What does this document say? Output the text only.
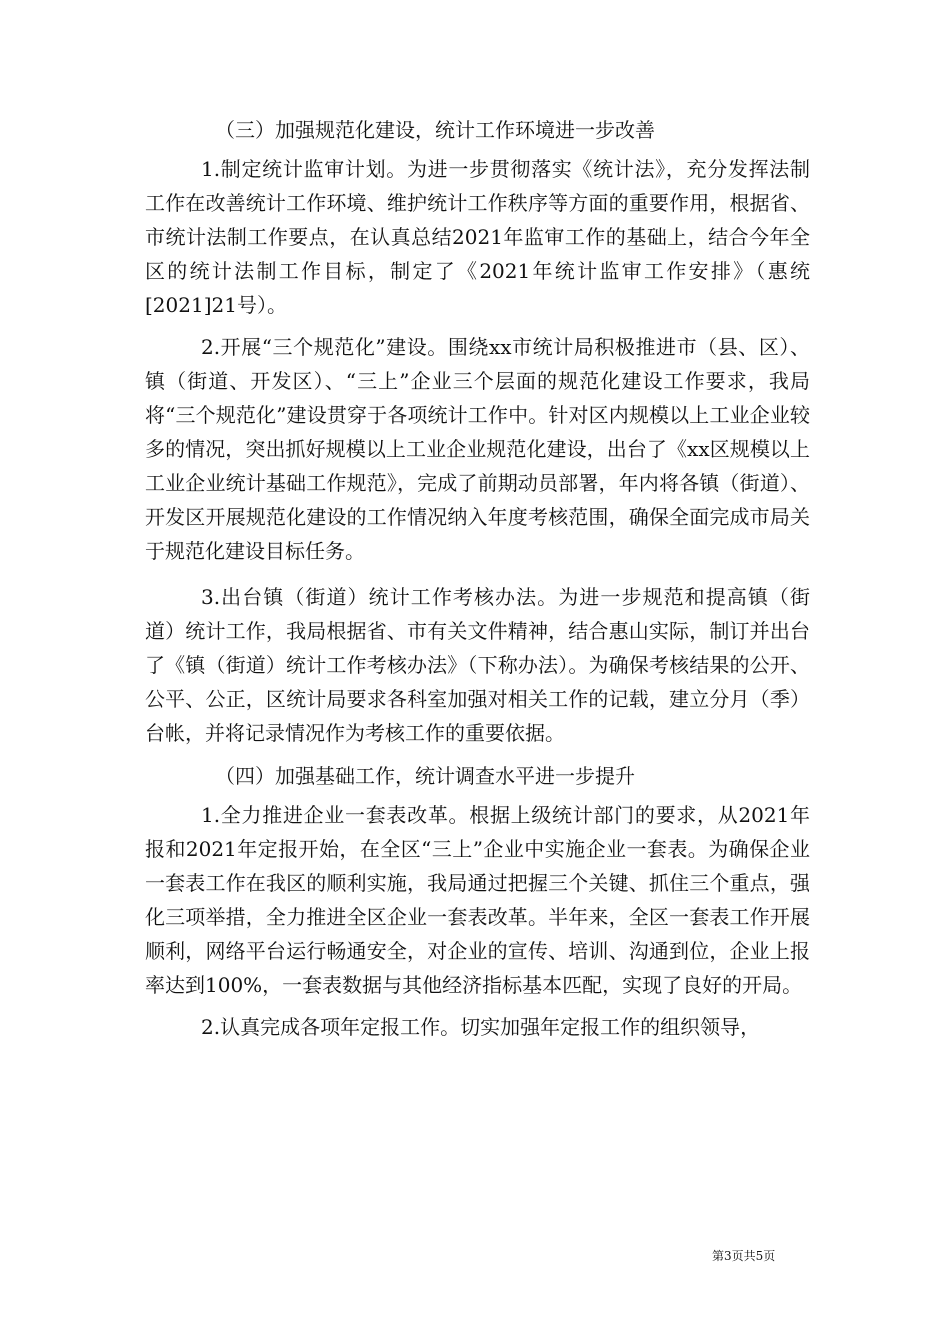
（三）加强规范化建设，统计工作环境进一步改善

1.制定统计监审计划。为进一步贯彻落实《统计法》，充分发挥法制工作在改善统计工作环境、维护统计工作秩序等方面的重要作用，根据省、市统计法制工作要点，在认真总结2021年监审工作的基础上，结合今年全区的统计法制工作目标，制定了《2021年统计监审工作安排》（惠统[2021]21号）。

2.开展“三个规范化”建设。围绕xx市统计局积极推进市（县、区）、镇（街道、开发区）、“三上”企业三个层面的规范化建设工作要求，我局将“三个规范化”建设贯穿于各项统计工作中。针对区内规模以上工业企业较多的情况，突出抓好规模以上工业企业规范化建设，出台了《xx区规模以上工业企业统计基础工作规范》，完成了前期动员部署，年内将各镇（街道）、开发区开展规范化建设的工作情况纳入年度考核范围，确保全面完成市局关于规范化建设目标任务。

3.出台镇（街道）统计工作考核办法。为进一步规范和提高镇（街道）统计工作，我局根据省、市有关文件精神，结合惠山实际，制订并出台了《镇（街道）统计工作考核办法》（下称办法）。为确保考核结果的公开、公平、公正，区统计局要求各科室加强对相关工作的记载，建立分月（季）台帐，并将记录情况作为考核工作的重要依据。

（四）加强基础工作，统计调查水平进一步提升

1.全力推进企业一套表改革。根据上级统计部门的要求，从2021年报和2021年定报开始，在全区“三上”企业中实施企业一套表。为确保企业一套表工作在我区的顺利实施，我局通过把握三个关键、抓住三个重点，强化三项举措，全力推进全区企业一套表改革。半年来，全区一套表工作开展顺利，网络平台运行畅通安全，对企业的宣传、培训、沟通到位，企业上报率达到100%，一套表数据与其他经济指标基本匹配，实现了良好的开局。

2.认真完成各项年定报工作。切实加强年定报工作的组织领导，

第3页共5页
